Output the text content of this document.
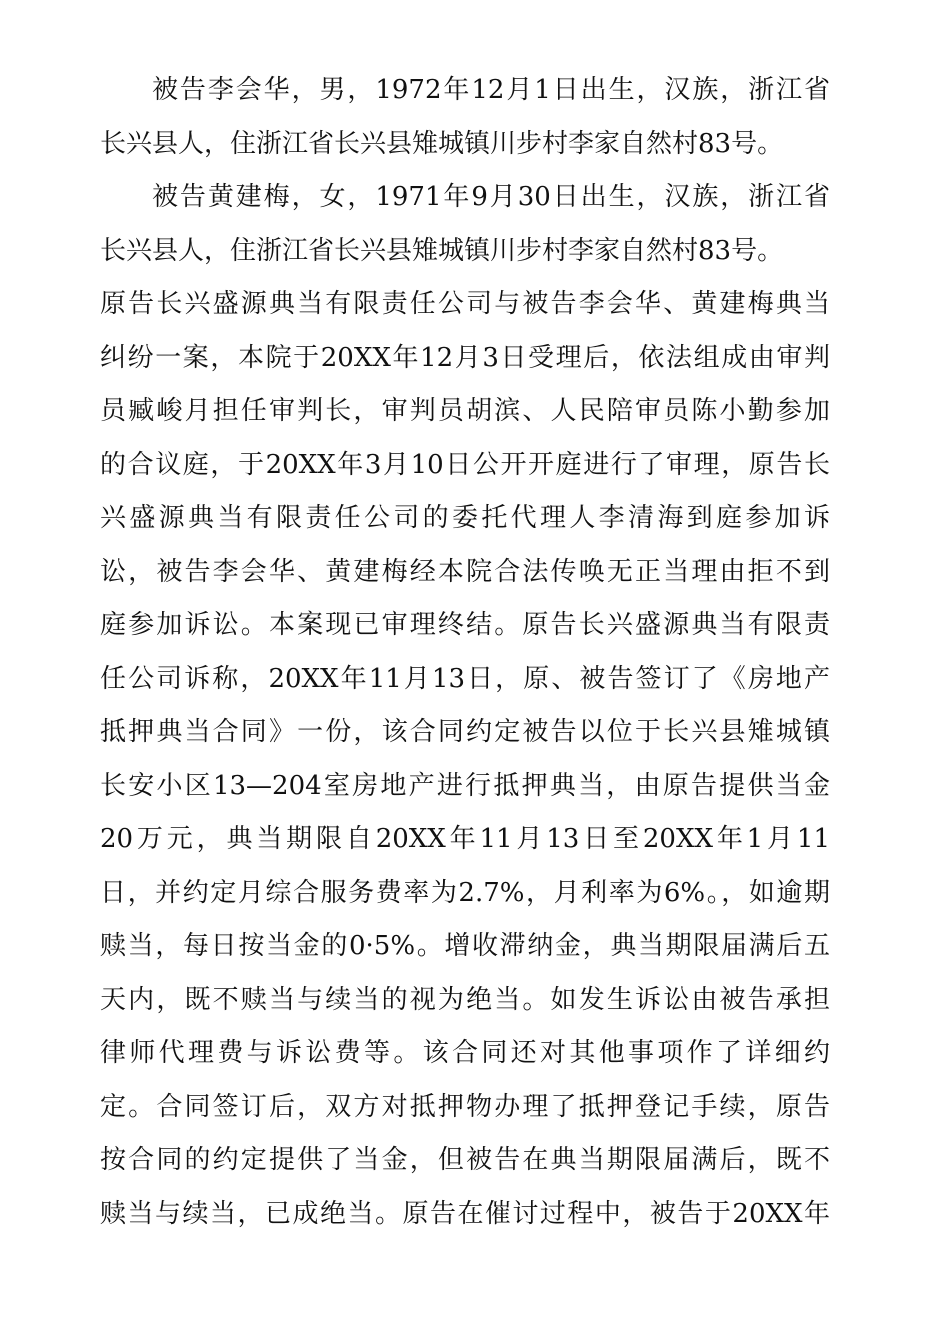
被告李会华，男，1972年12月1日出生，汉族，浙江省
长兴县人，住浙江省长兴县雉城镇川步村李家自然村83号。
被告黄建梅，女，1971年9月30日出生，汉族，浙江省
长兴县人，住浙江省长兴县雉城镇川步村李家自然村83号。
原告长兴盛源典当有限责任公司与被告李会华、黄建梅典当
纠纷一案，本院于20XX年12月3日受理后，依法组成由审判
员臧峻月担任审判长，审判员胡滨、人民陪审员陈小勤参加
的合议庭，于20XX年3月10日公开开庭进行了审理，原告长
兴盛源典当有限责任公司的委托代理人李清海到庭参加诉
讼，被告李会华、黄建梅经本院合法传唤无正当理由拒不到
庭参加诉讼。本案现已审理终结。原告长兴盛源典当有限责
任公司诉称，20XX年11月13日，原、被告签订了《房地产
抵押典当合同》一份，该合同约定被告以位于长兴县雉城镇
长安小区13—204室房地产进行抵押典当，由原告提供当金
20万元，典当期限自20XX年11月13日至20XX年1月11
日，并约定月综合服务费率为2.7%，月利率为6%。，如逾期
赎当，每日按当金的0·5%。增收滞纳金，典当期限届满后五
天内，既不赎当与续当的视为绝当。如发生诉讼由被告承担
律师代理费与诉讼费等。该合同还对其他事项作了详细约
定。合同签订后，双方对抵押物办理了抵押登记手续，原告
按合同的约定提供了当金，但被告在典当期限届满后，既不
赎当与续当，已成绝当。原告在催讨过程中，被告于20XX年
